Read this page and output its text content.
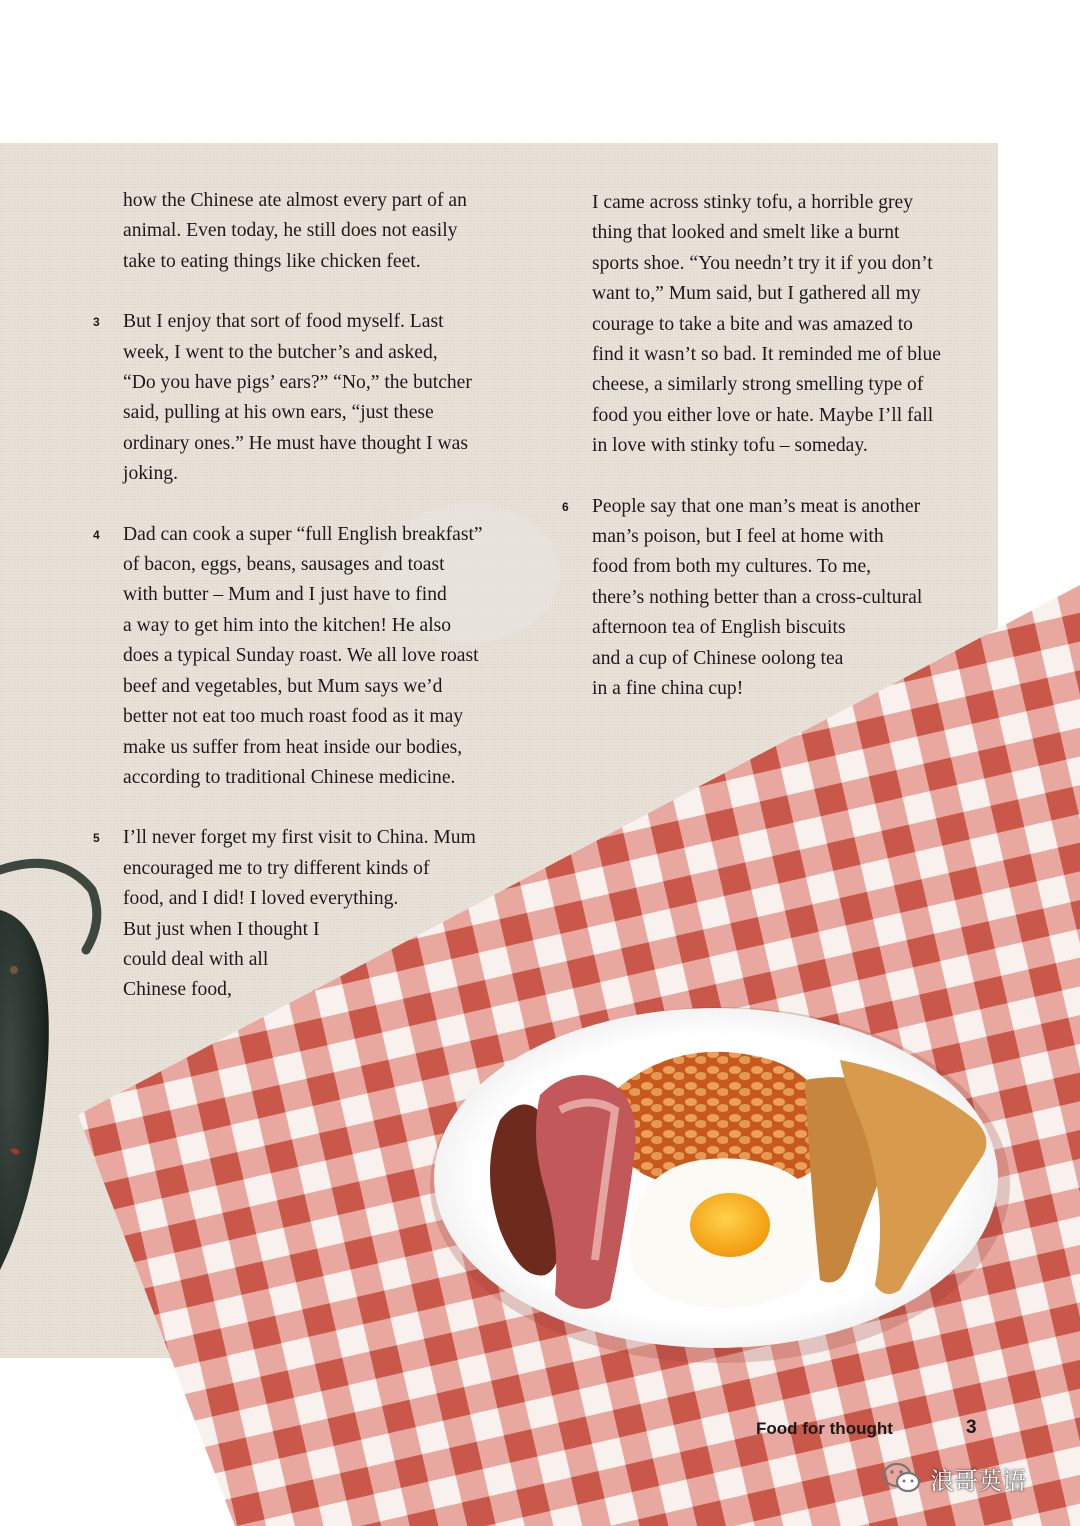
how the Chinese ate almost every part of an
animal. Even today, he still does not easily
take to eating things like chicken feet.

3 But I enjoy that sort of food myself. Last
week, I went to the butcher’s and asked,
“Do you have pigs’ ears?” “No,” the butcher
said, pulling at his own ears, “just these
ordinary ones.” He must have thought I was
joking.

4 Dad can cook a super “full English breakfast”
of bacon, eggs, beans, sausages and toast
with butter – Mum and I just have to find
a way to get him into the kitchen! He also
does a typical Sunday roast. We all love roast
beef and vegetables, but Mum says we’d
better not eat too much roast food as it may
make us suffer from heat inside our bodies,
according to traditional Chinese medicine.

5 I’ll never forget my first visit to China. Mum
encouraged me to try different kinds of
food, and I did! I loved everything.
But just when I thought I
could deal with all
Chinese food,

I came across stinky tofu, a horrible grey
thing that looked and smelt like a burnt
sports shoe. “You needn’t try it if you don’t
want to,” Mum said, but I gathered all my
courage to take a bite and was amazed to
find it wasn’t so bad. It reminded me of blue
cheese, a similarly strong smelling type of
food you either love or hate. Maybe I’ll fall
in love with stinky tofu – someday.

6 People say that one man’s meat is another
man’s poison, but I feel at home with
food from both my cultures. To me,
there’s nothing better than a cross-cultural
afternoon tea of English biscuits
and a cup of Chinese oolong tea
in a fine china cup!

Food for thought	3
浪哥英语
